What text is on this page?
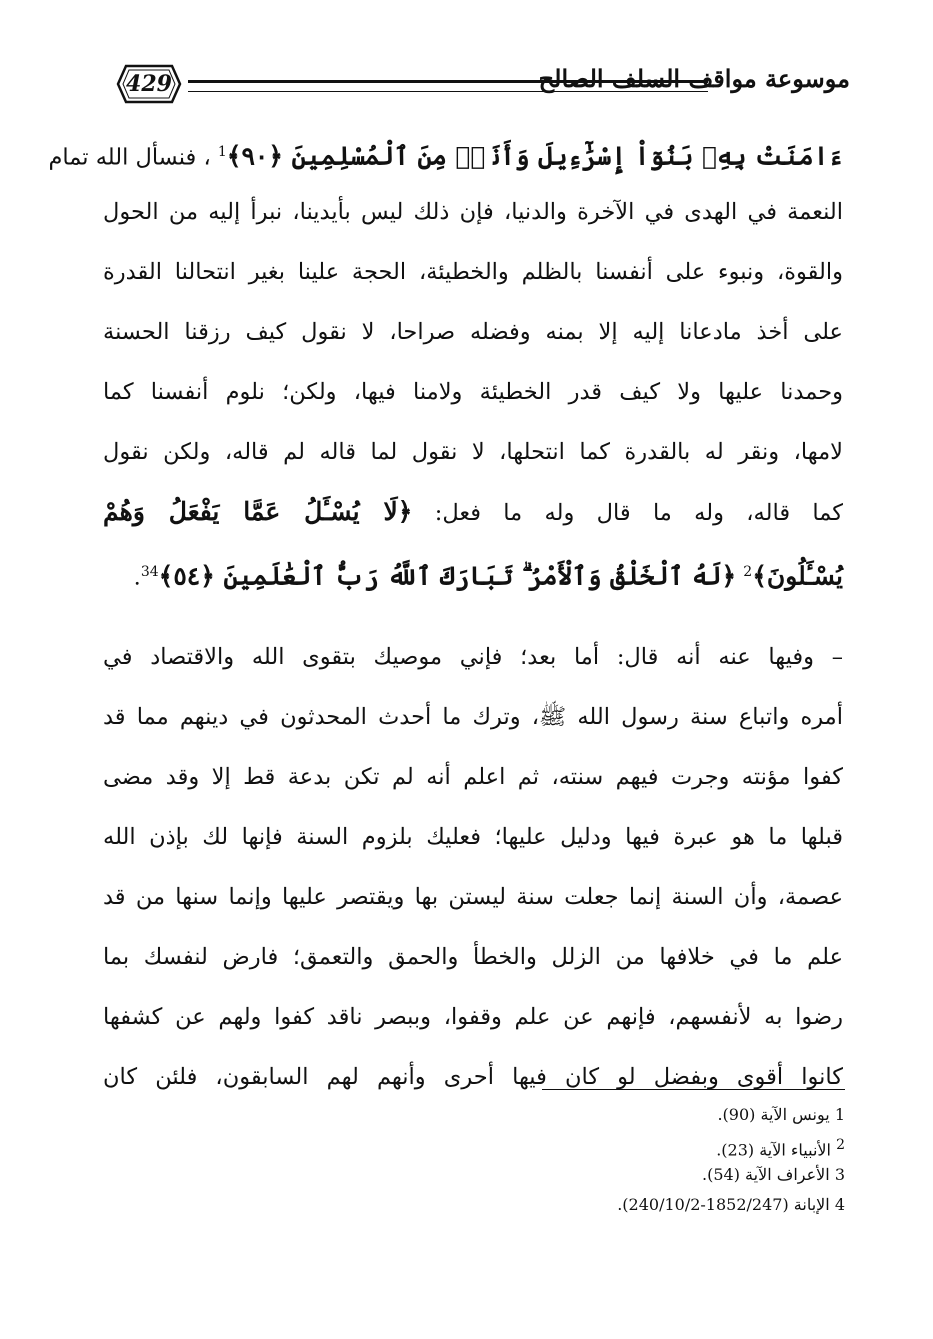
429	موسوعة مواقف السلف الصالح
ءَامَنَتْ بِهِۦ بَنُوٓاْ إِسْرَٰٓءِيلَ وَأَنَا۠ مِنَ ٱلْمُسْلِمِينَ ﴿٩٠﴾$^1$ ، فنسأل الله تمام
النعمة في الهدى في الآخرة والدنيا، فإن ذلك ليس بأيدينا، نبرأ إليه من الحول
والقوة، ونبوء على أنفسنا بالظلم والخطيئة، الحجة علينا بغير انتحالنا القدرة
على أخذ مادعانا إليه إلا بمنه وفضله صراحا، لا نقول كيف رزقنا الحسنة
وحمدنا عليها ولا كيف قدر الخطيئة ولامنا فيها، ولكن؛ نلوم أنفسنا كما
لامها، ونقر له بالقدرة كما انتحلها، لا نقول لما قاله لم قاله، ولكن نقول
كما قاله، وله ما قال وله ما فعل: ﴿لَا يُسْـَٔلُ عَمَّا يَفْعَلُ وَهُمْ
يُسْـَٔلُونَ﴾$^2$ ﴿لَهُ ٱلْخَلْقُ وَٱلْأَمْرُ ۗ تَبَارَكَ ٱللَّهُ رَبُّ ٱلْعَٰلَمِينَ ﴿٥٤﴾$^{34}$.
– وفيها عنه أنه قال: أما بعد؛ فإني موصيك بتقوى الله والاقتصاد في
أمره واتباع سنة رسول الله ﷺ، وترك ما أحدث المحدثون في دينهم مما قد
كفوا مؤنته وجرت فيهم سنته، ثم اعلم أنه لم تكن بدعة قط إلا وقد مضى
قبلها ما هو عبرة فيها ودليل عليها؛ فعليك بلزوم السنة فإنها لك بإذن الله
عصمة، وأن السنة إنما جعلت سنة ليستن بها ويقتصر عليها وإنما سنها من قد
علم ما في خلافها من الزلل والخطأ والحمق والتعمق؛ فارض لنفسك بما
رضوا به لأنفسهم، فإنهم عن علم وقفوا، وببصر ناقد كفوا ولهم عن كشفها
كانوا أقوى وبفضل لو كان فيها أحرى وأنهم لهم السابقون، فلئن كان
1 يونس الآية (90).
$^2$ الأنبياء الآية (23).
3 الأعراف الآية (54).
4 الإبانة (1852/247-240/10/2).
